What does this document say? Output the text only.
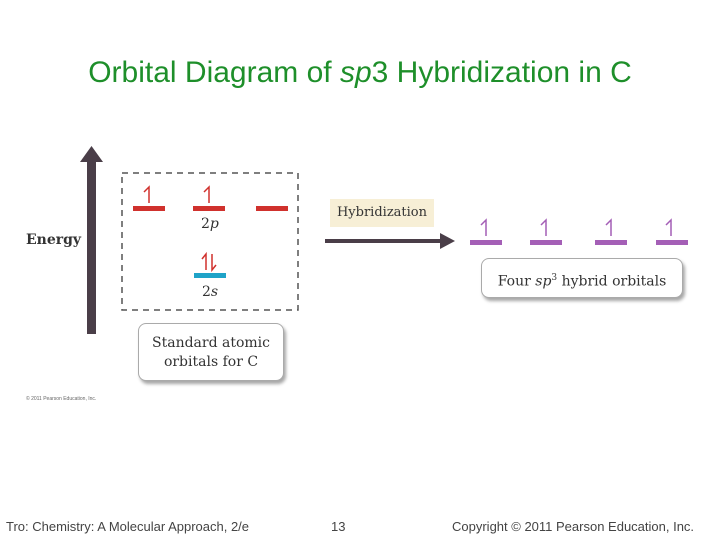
Orbital Diagram of sp3 Hybridization in C
Energy
2p
2s
Hybridization
Standard atomic
orbitals for C
Four $sp^3$ hybrid orbitals
© 2011 Pearson Education, Inc.
Tro: Chemistry: A Molecular Approach, 2/e	13	Copyright © 2011 Pearson Education, Inc.
